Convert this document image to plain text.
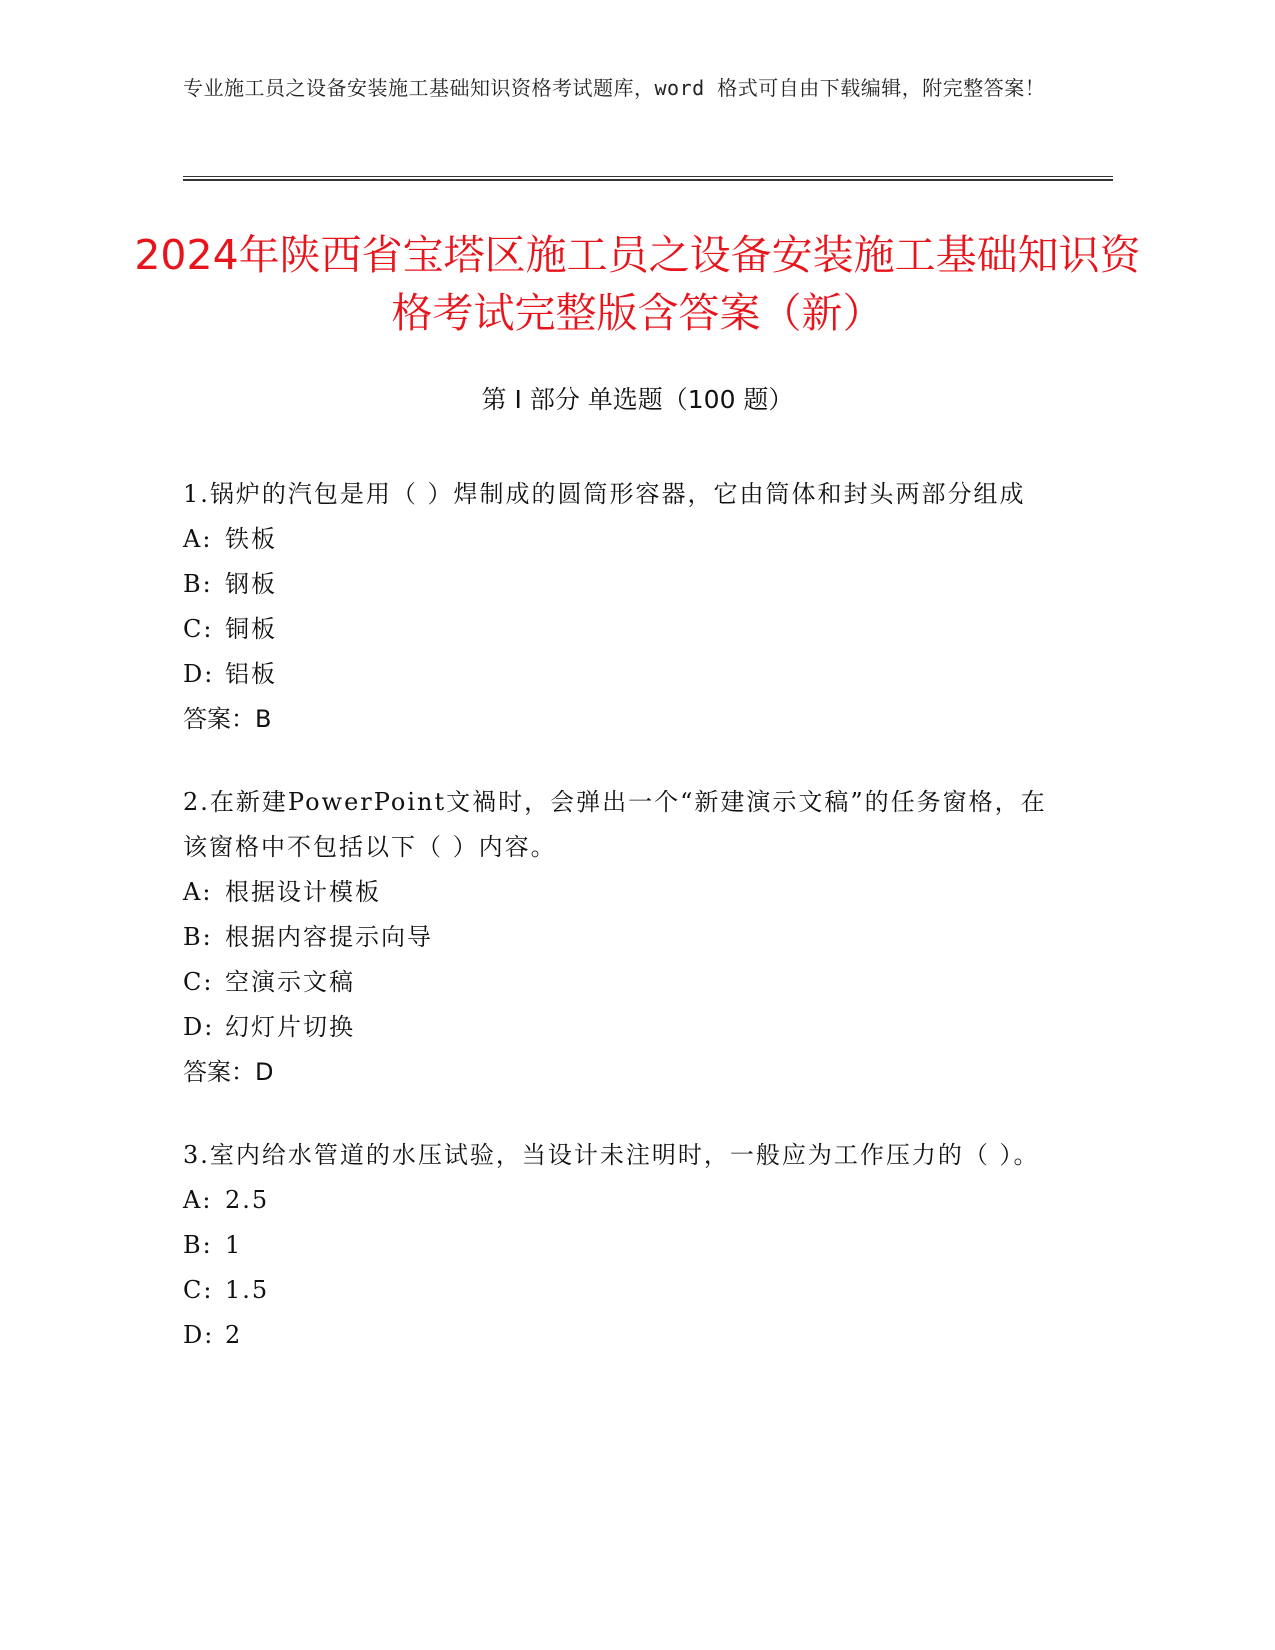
专业施工员之设备安装施工基础知识资格考试题库，word 格式可自由下载编辑，附完整答案！
2024年陕西省宝塔区施工员之设备安装施工基础知识资格考试完整版含答案（新）
第 I 部分 单选题（100 题）
1.锅炉的汽包是用（ ）焊制成的圆筒形容器，它由筒体和封头两部分组成
A: 铁板
B: 钢板
C: 铜板
D: 铝板
答案：B
2.在新建PowerPoint文禍时，会弹出一个“新建演示文稿”的任务窗格，在该窗格中不包括以下（ ）内容。
A: 根据设计模板
B: 根据内容提示向导
C: 空演示文稿
D: 幻灯片切换
答案：D
3.室内给水管道的水压试验，当设计未注明时，一般应为工作压力的（ ）。
A: 2.5
B: 1
C: 1.5
D: 2
